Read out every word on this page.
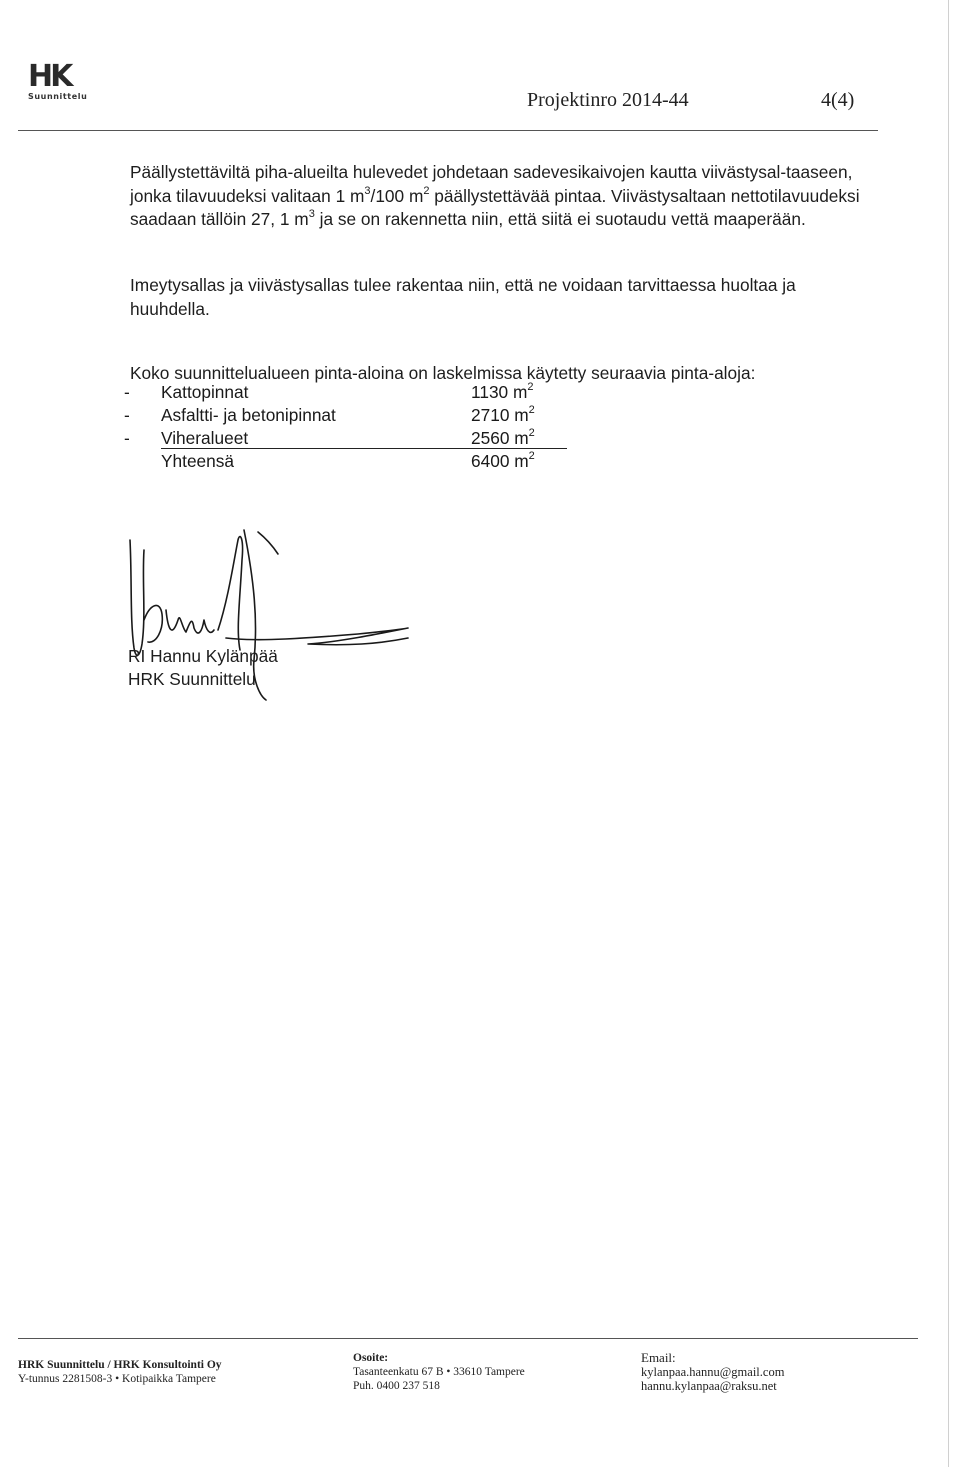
HK
Suunnittelu	Projektinro 2014-44	4(4)

Päällystettäviltä piha-alueilta hulevedet johdetaan sadevesikaivojen kautta viivästysal-taaseen, jonka tilavuudeksi valitaan 1 $m^3/100$ $m^2$ päällystettävää pintaa. Viivästysaltaan nettotilavuudeksi saadaan tällöin 27, 1 $m^3$ ja se on rakennetta niin, että siitä ei suotaudu vettä maaperään.

Imeytysallas ja viivästysallas tulee rakentaa niin, että ne voidaan tarvittaessa huoltaa ja huuhdella.

Koko suunnittelualueen pinta-aloina on laskelmissa käytetty seuraavia pinta-aloja:

- Kattopinnat	1130 $m^2$
- Asfaltti- ja betonipinnat	2710 $m^2$
- Viheralueet	2560 $m^2$
Yhteensä	6400 $m^2$
RI Hannu Kylänpää
HRK Suunnittelu
HRK Suunnittelu / HRK Konsultointi Oy
Y-tunnus 2281508-3 • Kotipaikka Tampere
Osoite:
Tasanteenkatu 67 B • 33610 Tampere
Puh. 0400 237 518
Email:
kylanpaa.hannu@gmail.com
hannu.kylanpaa@raksu.net
